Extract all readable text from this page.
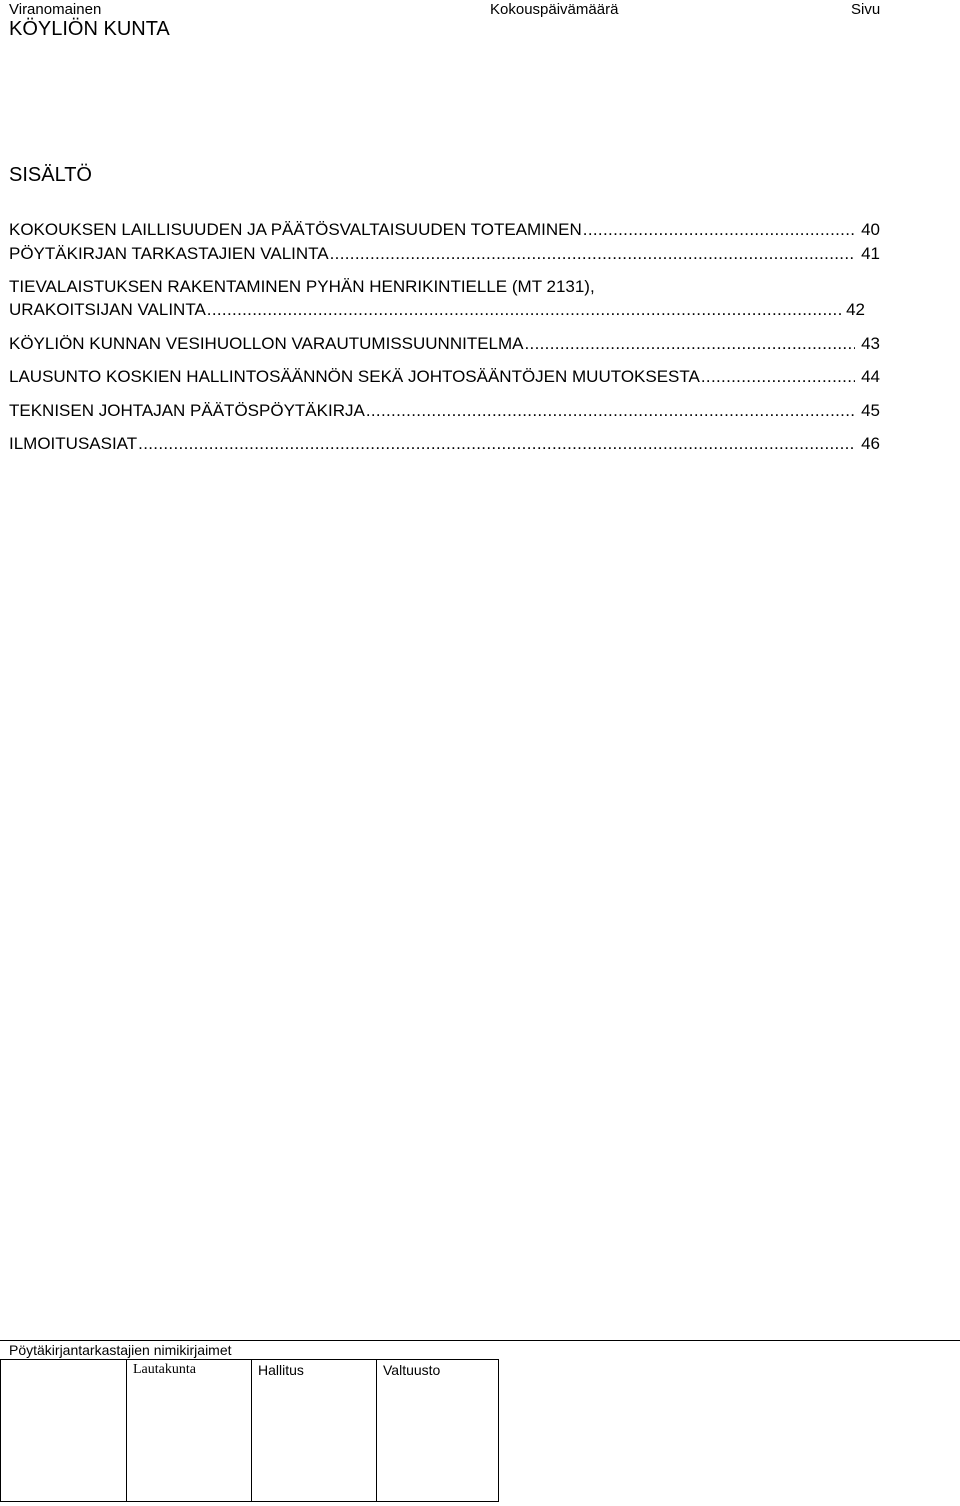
Viranomainen	Kokouspäivämäärä	Sivu
KÖYLIÖN KUNTA
SISÄLTÖ
KOKOUKSEN LAILLISUUDEN JA PÄÄTÖSVALTAISUUDEN TOTEAMINEN . . .	40
PÖYTÄKIRJAN TARKASTAJIEN VALINTA . . .	41
TIEVALAISTUKSEN RAKENTAMINEN PYHÄN HENRIKINTIELLE (MT 2131),
URAKOITSIJAN VALINTA . . .	42
KÖYLIÖN KUNNAN VESIHUOLLON VARAUTUMISSUUNNITELMA . . .	43
LAUSUNTO KOSKIEN HALLINTOSÄÄNNÖN SEKÄ JOHTOSÄÄNTÖJEN MUUTOKSESTA . . .	44
TEKNISEN JOHTAJAN PÄÄTÖSPÖYTÄKIRJA . . .	45
ILMOITUSASIAT . . .	46
Pöytäkirjantarkastajien nimikirjaimet
Lautakunta	Hallitus	Valtuusto
